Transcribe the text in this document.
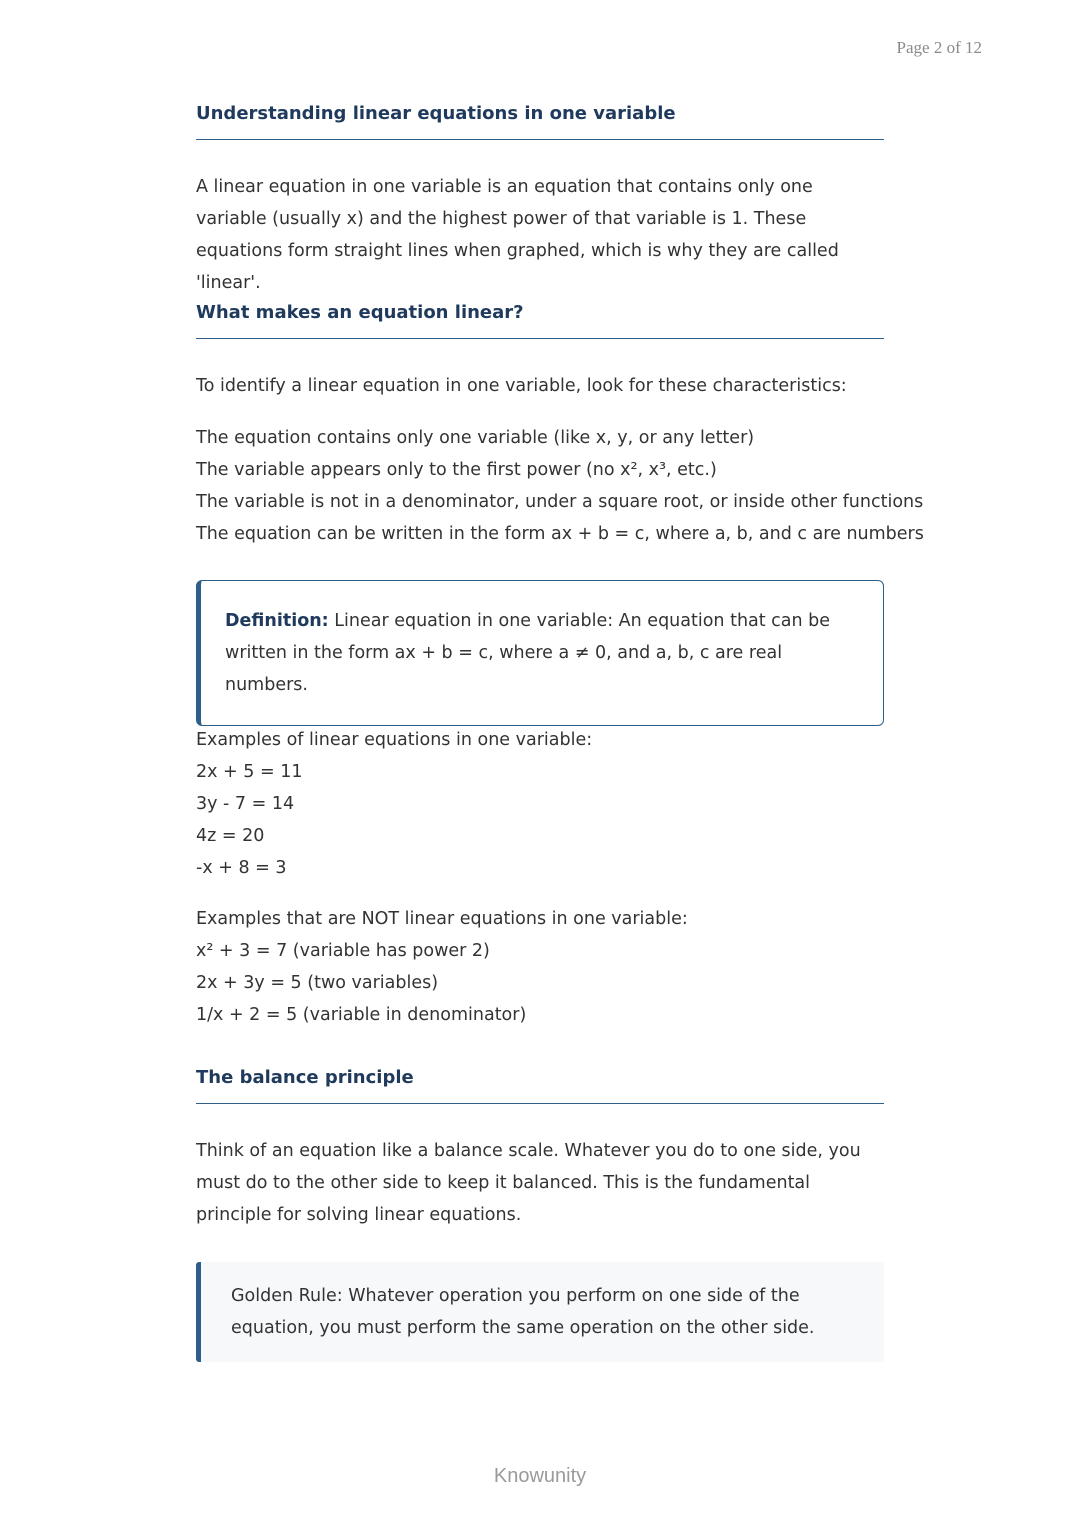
Page 2 of 12
Understanding linear equations in one variable

A linear equation in one variable is an equation that contains only one variable (usually x) and the highest power of that variable is 1. These equations form straight lines when graphed, which is why they are called 'linear'.

What makes an equation linear?
To identify a linear equation in one variable, look for these characteristics:
The equation contains only one variable (like x, y, or any letter)
The variable appears only to the first power (no x², x³, etc.)
The variable is not in a denominator, under a square root, or inside other functions
The equation can be written in the form ax + b = c, where a, b, and c are numbers

Definition: Linear equation in one variable: An equation that can be written in the form ax + b = c, where a ≠ 0, and a, b, c are real numbers.

Examples of linear equations in one variable:
2x + 5 = 11
3y - 7 = 14
4z = 20
-x + 8 = 3
Examples that are NOT linear equations in one variable:
x² + 3 = 7 (variable has power 2)
2x + 3y = 5 (two variables)
1/x + 2 = 5 (variable in denominator)
The balance principle

Think of an equation like a balance scale. Whatever you do to one side, you must do to the other side to keep it balanced. This is the fundamental principle for solving linear equations.

Golden Rule: Whatever operation you perform on one side of the equation, you must perform the same operation on the other side.

Knowunity
